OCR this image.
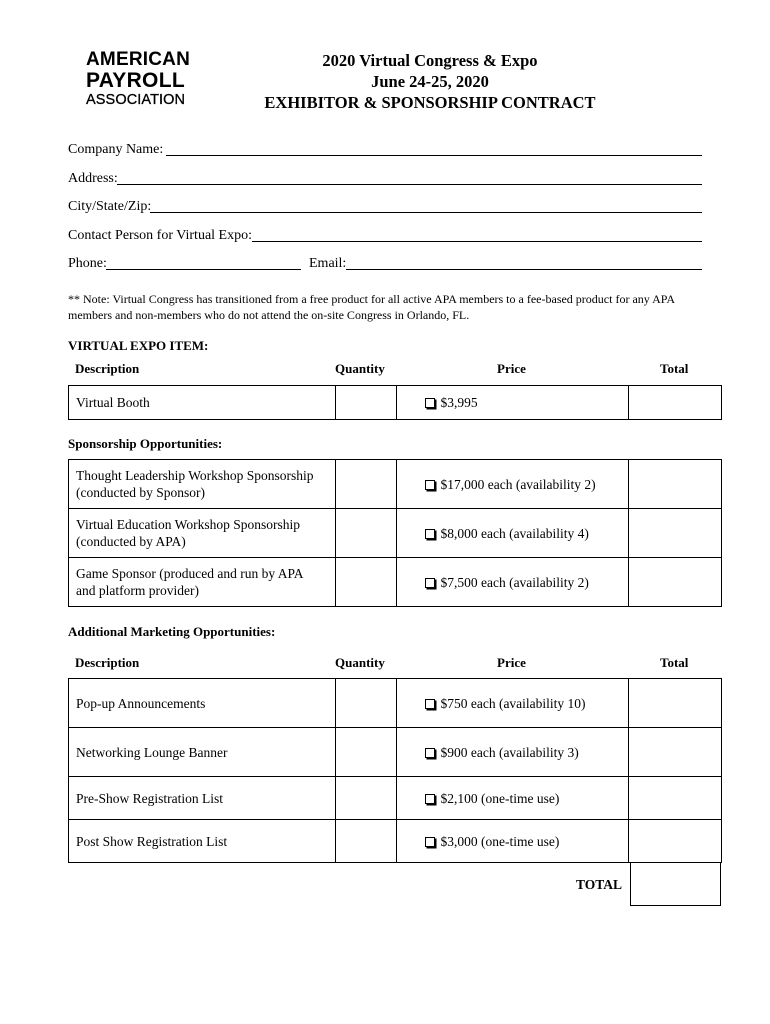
AMERICAN
PAYROLL
ASSOCIATION
2020 Virtual Congress & Expo
June 24-25, 2020
EXHIBITOR & SPONSORSHIP CONTRACT
Company Name:
Address:
City/State/Zip:
Contact Person for Virtual Expo:
Phone:	Email:
** Note: Virtual Congress has transitioned from a free product for all active APA members to a fee-based product for any APA members and non-members who do not attend the on-site Congress in Orlando, FL.
VIRTUAL EXPO ITEM:
Description	Quantity	Price	Total
Virtual Booth		$3,995	
Sponsorship Opportunities:
Thought Leadership Workshop Sponsorship
(conducted by Sponsor)		$17,000 each (availability 2)	

Virtual Education Workshop Sponsorship
(conducted by APA)		$8,000 each (availability 4)	

Game Sponsor (produced and run by APA
and platform provider)		$7,500 each (availability 2)	
Additional Marketing Opportunities:
Description	Quantity	Price	Total
Pop-up Announcements		$750 each (availability 10)	
Networking Lounge Banner		$900 each (availability 3)	
Pre-Show Registration List		$2,100 (one-time use)	
Post Show Registration List		$3,000 (one-time use)	
TOTAL
